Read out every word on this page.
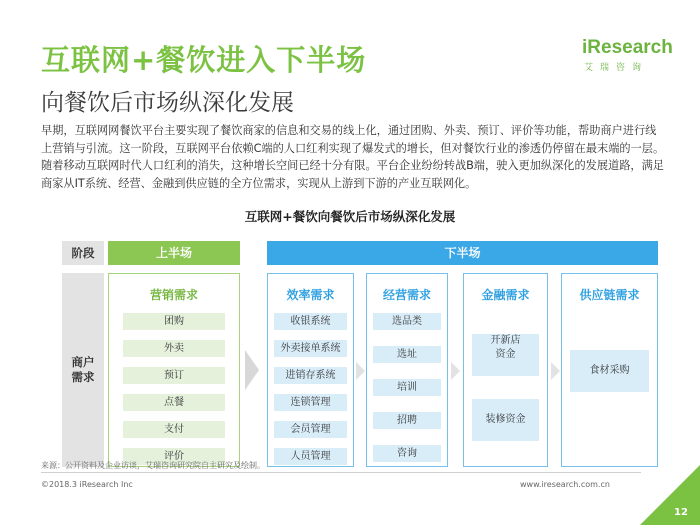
互联网+餐饮进入下半场
向餐饮后市场纵深化发展
iResearch
艾瑞咨询
早期，互联网网餐饮平台主要实现了餐饮商家的信息和交易的线上化，通过团购、外卖、预订、评价等功能，帮助商户进行线上营销与引流。这一阶段，互联网平台依赖C端的人口红利实现了爆发式的增长，但对餐饮行业的渗透仍停留在最末端的一层。随着移动互联网时代人口红利的消失，这种增长空间已经十分有限。平台企业纷纷转战B端，驶入更加纵深化的发展道路，满足商家从IT系统、经营、金融到供应链的全方位需求，实现从上游到下游的产业互联网化。
互联网+餐饮向餐饮后市场纵深化发展
阶段	上半场	下半场
商户需求
营销需求
团购
外卖
预订
点餐
支付
评价
效率需求
收银系统
外卖接单系统
进销存系统
连锁管理
会员管理
人员管理
经营需求
选品类
选址
培训
招聘
咨询
金融需求
开新店
资金
装修资金
供应链需求
食材采购
来源：公开资料及企业访谈，艾瑞咨询研究院自主研究及绘制。
©2018.3 iResearch Inc	www.iresearch.com.cn
12
